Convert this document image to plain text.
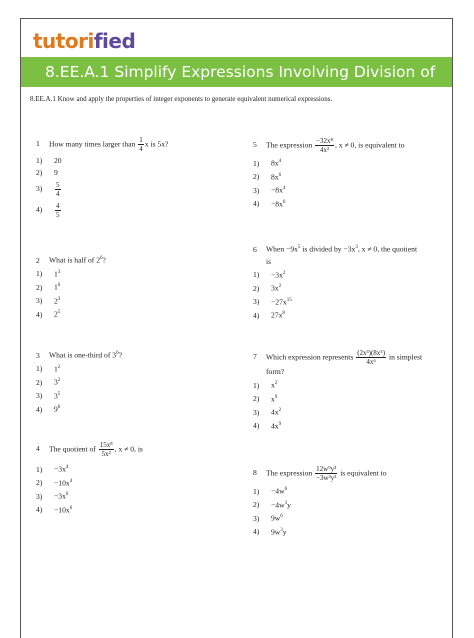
tutorified
8.EE.A.1 Simplify Expressions Involving Division of
8.EE.A.1 Know and apply the properties of integer exponents to generate equivalent numerical expressions.
1 How many times larger than $\frac{1}{4}$ x is 5x?
1) 20
2) 9
$3) \frac{5}{4}$
$4) \frac{4}{5}$
2 What is half of $2^6$?
1) $1^3$
2) $1^6$
3) $2^3$
4) $2^5$
3 What is one-third of $3^6$?
1) $1^2$
2) $3^2$
3) $3^5$
4) $9^6$
4 The quotient of $\frac{\text{15x⁸}}{\text{5x²}}$ , x ≠ 0, is
$1) -3x^4$
$2) -10x^4$
$3) -3x^6$
$4) -10x^6$
5 The expression $\frac{\text{−32x⁸}}{\text{4x²}}$ , x ≠ 0, is equivalent to
1) $8x^4$
2) $8x^6$
$3) -8x^4$
$4) -8x^6$
6 When $-9x^5$ is divided by $-3x^3$, x ≠ 0, the quotient
is
$1) -3x^2$
2) $3x^2$
$3) -27x^{15}$
4) $27x^8$
7 Which expression represents $\frac{\text{(2x³)(8x⁵)}}{\text{4x⁶}}$ in simplest
form?
1) $x^2$
2) $x^9$
3) $4x^2$
4) $4x^9$
8 The expression $\frac{\text{12w⁹y³}}{\text{−3w³y³}}$ is equivalent to
$1) -4w^6$
$2) -4w^3y$
3) $9w^6$
4) $9w^3y$
